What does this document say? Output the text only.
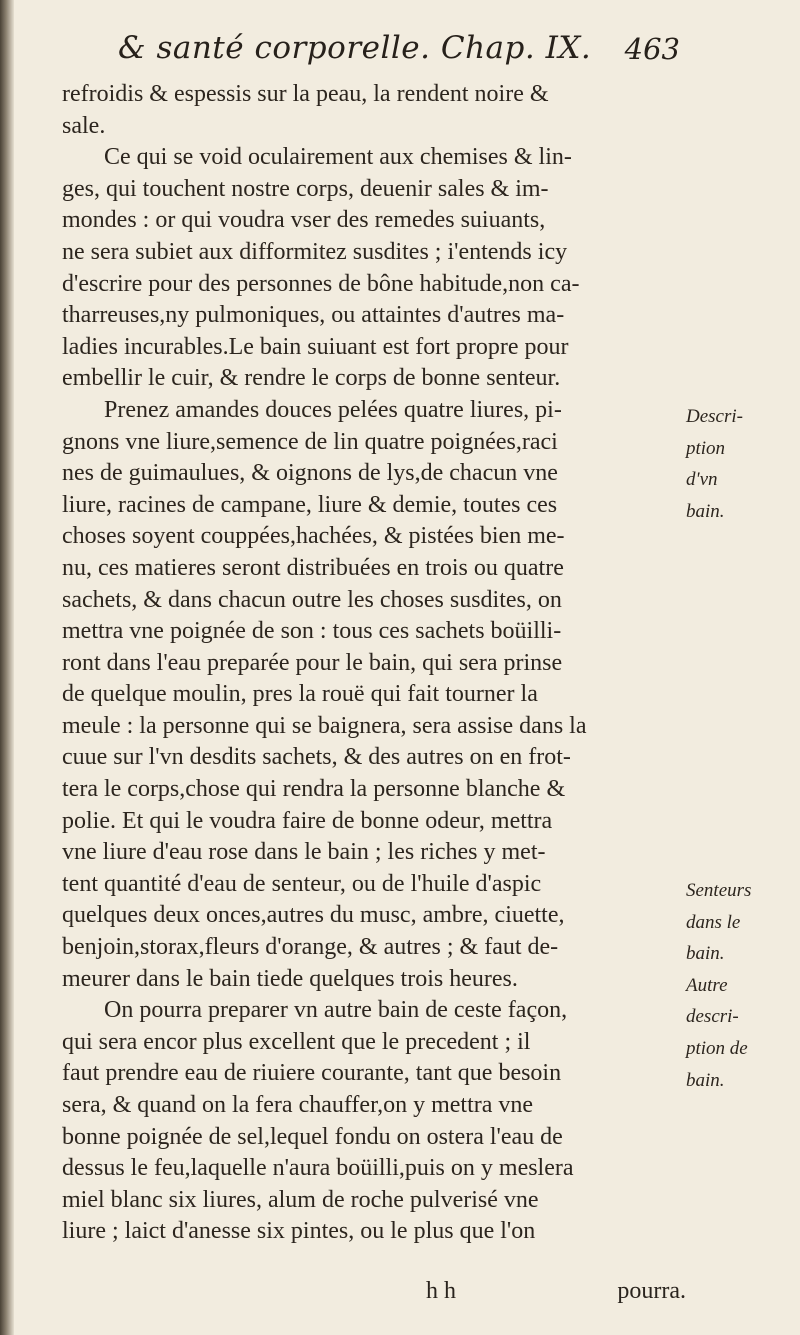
& santé corporelle. Chap. IX. 463
refroidis & espessis sur la peau, la rendent noire &
sale.
Ce qui se void oculairement aux chemises & lin-
ges, qui touchent nostre corps, deuenir sales & im-
mondes : or qui voudra vser des remedes suiuants,
ne sera subiet aux difformitez susdites ; i'entends icy
d'escrire pour des personnes de bône habitude,non ca-
tharreuses,ny pulmoniques, ou attaintes d'autres ma-
ladies incurables.Le bain suiuant est fort propre pour
embellir le cuir, & rendre le corps de bonne senteur.
Prenez amandes douces pelées quatre liures, pi-
gnons vne liure,semence de lin quatre poignées,raci
nes de guimaulues, & oignons de lys,de chacun vne
liure, racines de campane, liure & demie, toutes ces
choses soyent couppées,hachées, & pistées bien me-
nu, ces matieres seront distribuées en trois ou quatre
sachets, & dans chacun outre les choses susdites, on
mettra vne poignée de son : tous ces sachets boüilli-
ront dans l'eau preparée pour le bain, qui sera prinse
de quelque moulin, pres la rouë qui fait tourner la
meule : la personne qui se baignera, sera assise dans la
cuue sur l'vn desdits sachets, & des autres on en frot-
tera le corps,chose qui rendra la personne blanche &
polie. Et qui le voudra faire de bonne odeur, mettra
vne liure d'eau rose dans le bain ; les riches y met-
tent quantité d'eau de senteur, ou de l'huile d'aspic
quelques deux onces,autres du musc, ambre, ciuette,
benjoin,storax,fleurs d'orange, & autres ; & faut de-
meurer dans le bain tiede quelques trois heures.
On pourra preparer vn autre bain de ceste façon,
qui sera encor plus excellent que le precedent ; il
faut prendre eau de riuiere courante, tant que besoin
sera, & quand on la fera chauffer,on y mettra vne
bonne poignée de sel,lequel fondu on ostera l'eau de
dessus le feu,laquelle n'aura boüilli,puis on y meslera
miel blanc six liures, alum de roche pulverisé vne
liure ; laict d'anesse six pintes, ou le plus que l'on
Descri-
ption
d'vn
bain.
Senteurs
dans le
bain.
Autre
descri-
ption de
bain.
h h	pourra.
